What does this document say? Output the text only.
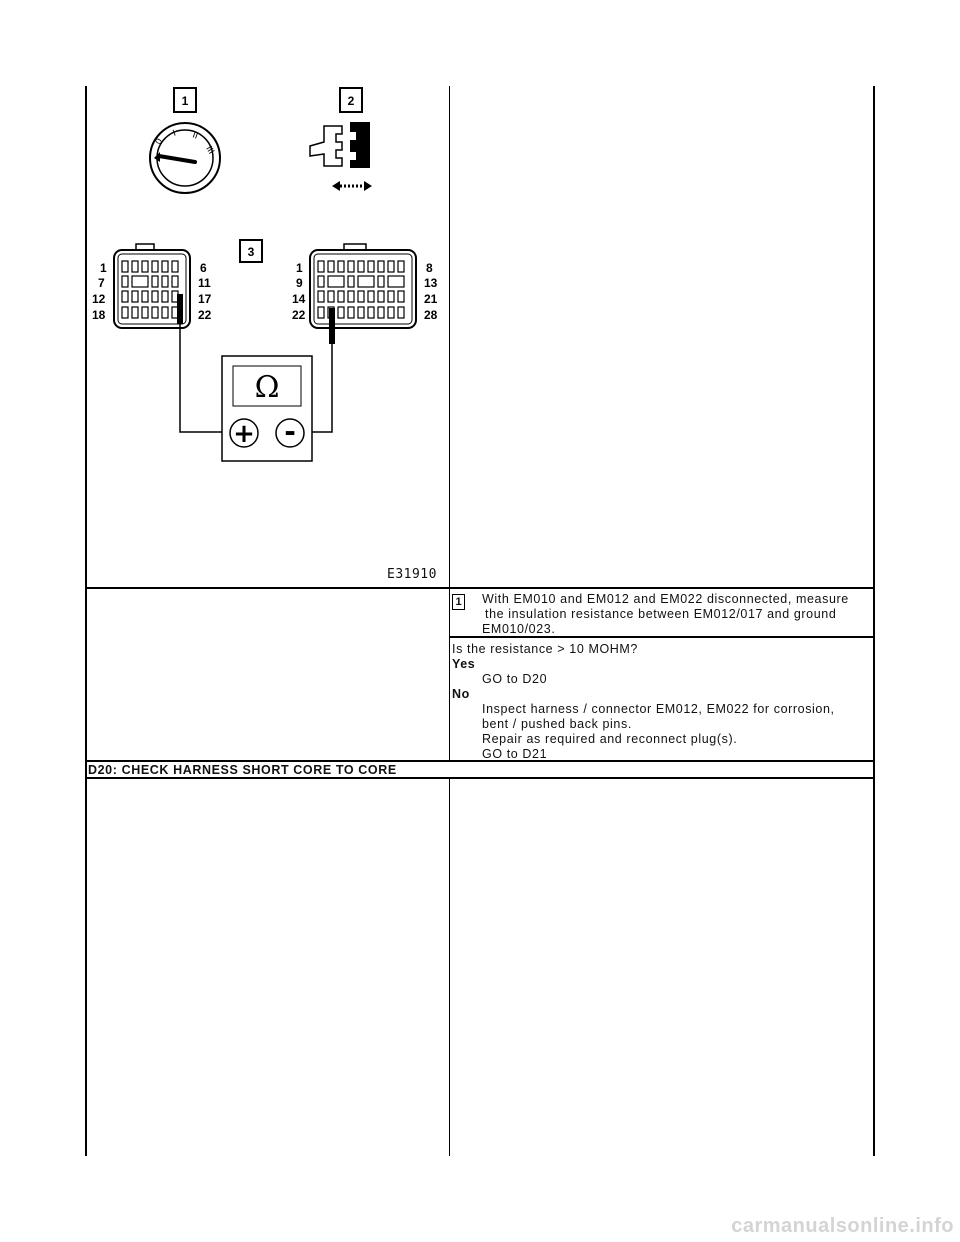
1	2
3
0
I II
III
1	6
7	11
12	17
18	22
1	8
9	13
14	21
22	28
Ω
+ -
E31910
1 With EM010 and EM012 and EM022 disconnected, measure
the insulation resistance between EM012/017 and ground
EM010/023.
Is the resistance > 10 MOHM?
Yes
GO to D20
No
Inspect harness / connector EM012, EM022 for corrosion,
bent / pushed back pins.
Repair as required and reconnect plug(s).
GO to D21
D20: CHECK HARNESS SHORT CORE TO CORE
carmanualsonline.info
